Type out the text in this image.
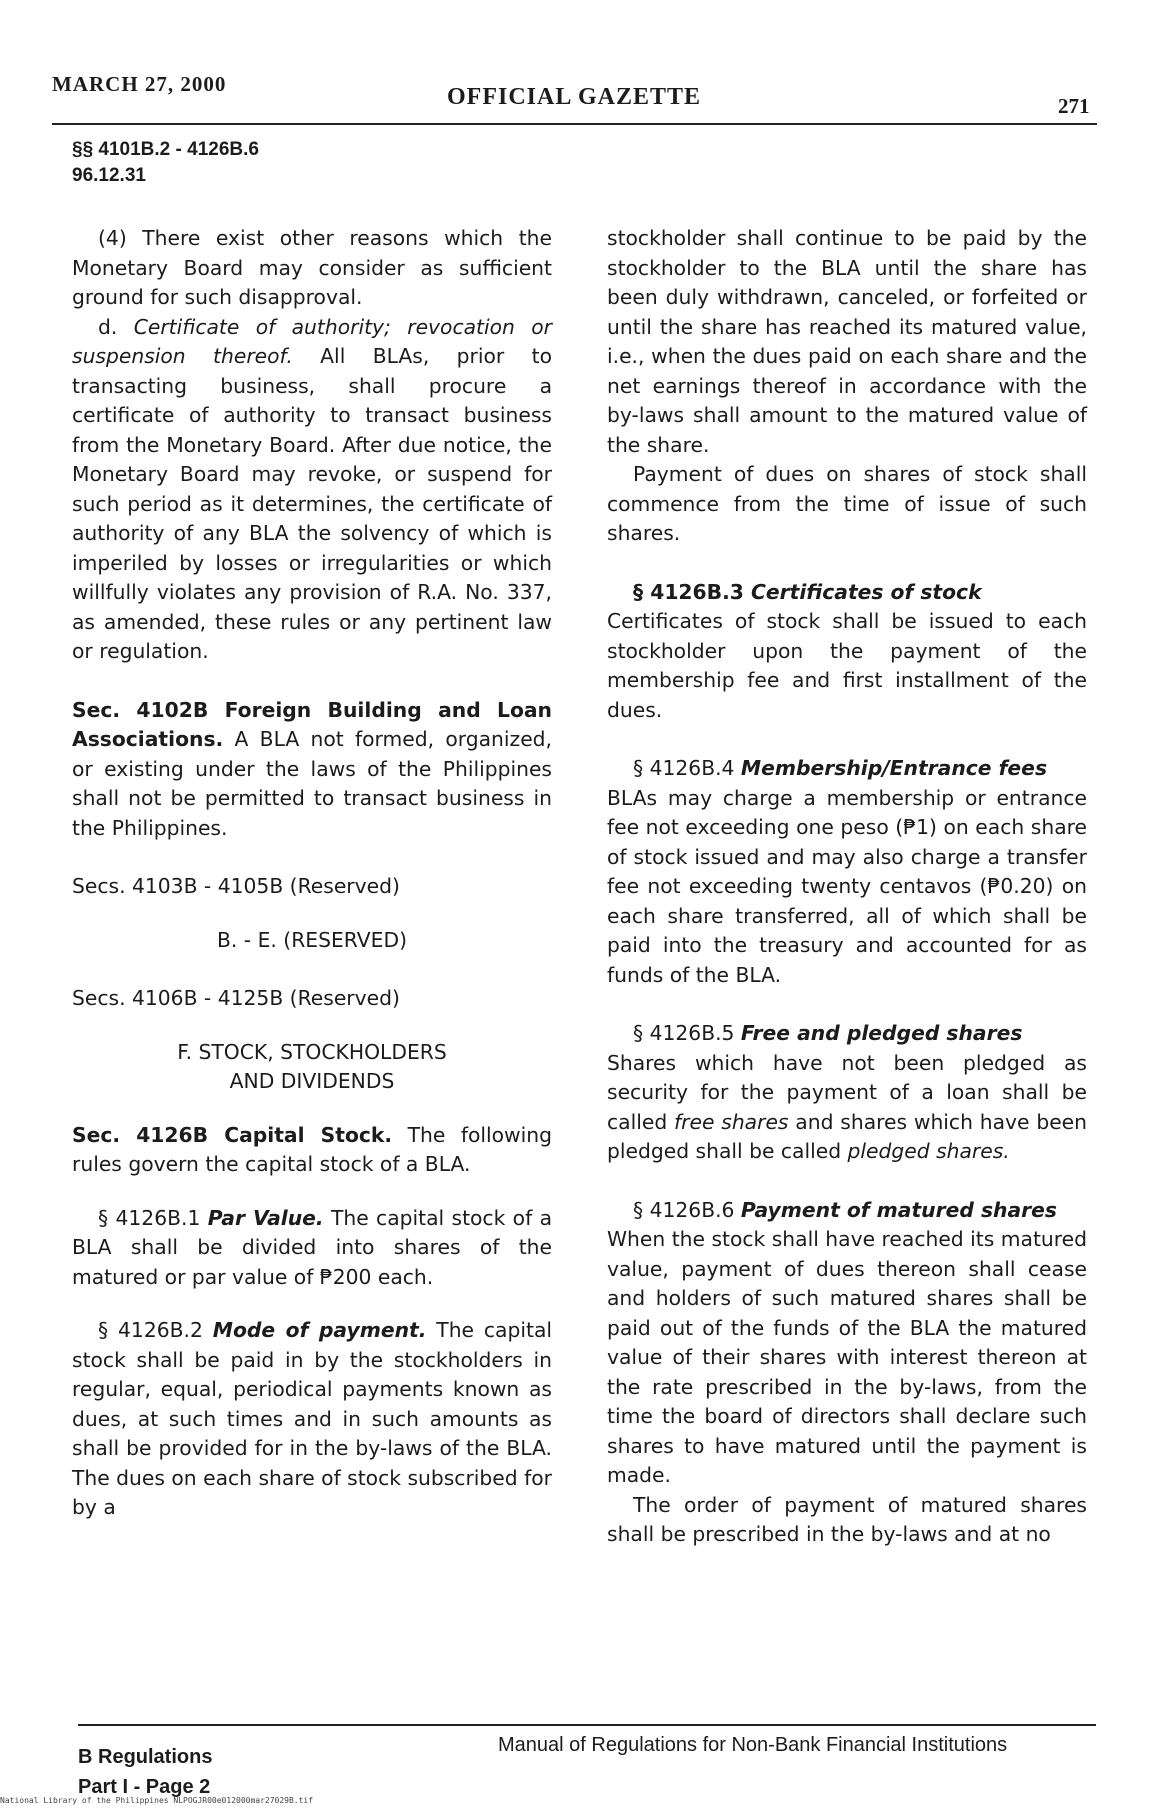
MARCH 27, 2000	OFFICIAL GAZETTE	271
§§ 4101B.2 - 4126B.6
96.12.31

(4) There exist other reasons which the Monetary Board may consider as sufficient ground for such disapproval.

d. Certificate of authority; revocation or suspension thereof. All BLAs, prior to transacting business, shall procure a certificate of authority to transact business from the Monetary Board. After due notice, the Monetary Board may revoke, or suspend for such period as it determines, the certificate of authority of any BLA the solvency of which is imperiled by losses or irregularities or which willfully violates any provision of R.A. No. 337, as amended, these rules or any pertinent law or regulation.

Sec. 4102B Foreign Building and Loan Associations. A BLA not formed, organized, or existing under the laws of the Philippines shall not be permitted to transact business in the Philippines.

Secs. 4103B - 4105B (Reserved)

B. - E. (RESERVED)

Secs. 4106B - 4125B (Reserved)

F. STOCK, STOCKHOLDERS
AND DIVIDENDS

Sec. 4126B Capital Stock. The following rules govern the capital stock of a BLA.

§ 4126B.1 Par Value. The capital stock of a BLA shall be divided into shares of the matured or par value of ₱200 each.

§ 4126B.2 Mode of payment. The capital stock shall be paid in by the stockholders in regular, equal, periodical payments known as dues, at such times and in such amounts as shall be provided for in the by-laws of the BLA. The dues on each share of stock subscribed for by a

stockholder shall continue to be paid by the stockholder to the BLA until the share has been duly withdrawn, canceled, or forfeited or until the share has reached its matured value, i.e., when the dues paid on each share and the net earnings thereof in accordance with the by-laws shall amount to the matured value of the share.

Payment of dues on shares of stock shall commence from the time of issue of such shares.

§ 4126B.3 Certificates of stock

Certificates of stock shall be issued to each stockholder upon the payment of the membership fee and first installment of the dues.

§ 4126B.4 Membership/Entrance fees

BLAs may charge a membership or entrance fee not exceeding one peso (₱1) on each share of stock issued and may also charge a transfer fee not exceeding twenty centavos (₱0.20) on each share transferred, all of which shall be paid into the treasury and accounted for as funds of the BLA.

§ 4126B.5 Free and pledged shares

Shares which have not been pledged as security for the payment of a loan shall be called free shares and shares which have been pledged shall be called pledged shares.

§ 4126B.6 Payment of matured shares

When the stock shall have reached its matured value, payment of dues thereon shall cease and holders of such matured shares shall be paid out of the funds of the BLA the matured value of their shares with interest thereon at the rate prescribed in the by-laws, from the time the board of directors shall declare such shares to have matured until the payment is made.

The order of payment of matured shares shall be prescribed in the by-laws and at no

B Regulations
Part I - Page 2
Manual of Regulations for Non-Bank Financial Institutions
National Library of the Philippines NLPOGJR00e012000mar27029B.tif
